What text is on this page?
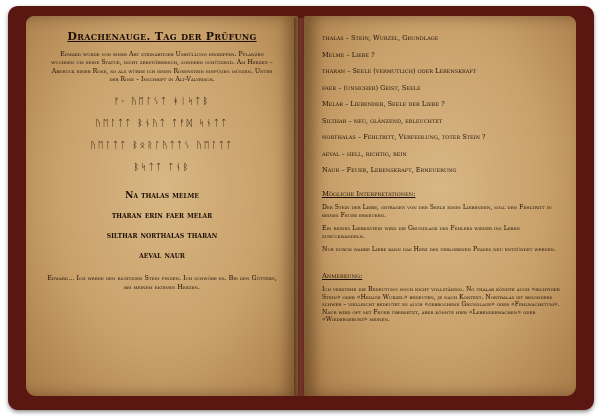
Drachenauge. Tag der Prüfung
Edward wurde von einer Art steinartiger Umhüllung ergriffen. Pflanzen wuchsen um seine Statue, nicht zerstörerisch, sondern schützend. Am Herzen – Abdruck einer Rose, so als würde ich einen Rosenstein einfügen müssen. Unter der Rose – Inschrift in Alt-Valyrisch.
ᚠ· ᚤᛖᛚᛊᛏ ᚼᛁᛋᛏᛒ
ᚤᛖᛚᛏᛏ ᛒᚾᚤᛏ ᛏᚠᛞ ᛋᚾᛏᛏ
ᚤᛖᛚᛏᛏ ᛒᛟᚱᛚᚤᛏᛏᛊ ᚤᛖᛚᛏᛏ
ᛒᛋᛏᛏ ᛏᚾᛒ
Na thalas melme
tharan erin faer melar
silthar northalas tharan
aeval naur
Edward… Ich werde den richtigen Stein finden. Ich schwöre es. Bei den Göttern, bei meinem eigenen Herzen.
thalas – Stein, Wurzel, Grundlage
Melme – Liebe ?
tharan – Seele (vermutlich) oder Lebenskraft
faer – (unsicher) Geist, Seele
Melar – Liebender, Seele der Liebe ?
Silthar – neu, glänzend, erleuchtet
northalas – Fehltritt, Verfehlung, toter Stein ?
aeval – hell, richtig, rein
Naur – Feuer, Lebenskraft, Erneuerung
Mögliche Interpretationen:
Der Stein der Liebe, getragen von der Seele eines Liebenden, soll den Fehltritt in reines Feuer erneuern.
Ein reines Liebesstein wird die Grundlage des Fehlers wieder ins Leben zurückwandeln.
Nur durch wahre Liebe kann das Herz des verlorenen Pfades neu entzündet werden.
Anmerkung:
Ich verstehe die Bedeutung noch nicht vollständig. No thalar könnte auch «richtiger Stein» oder «Heilige Wurzel» bedeuten, je nach Kontext. Northalas ist besonders schwer – vielleicht bedeutet es auch «gebrochene Grundlage» oder «Fehlwachstum». Naur wird oft mit Feuer übersetzt, aber könnte hier «Lebenserwachen» oder «Wiedergeburt» meinen.
